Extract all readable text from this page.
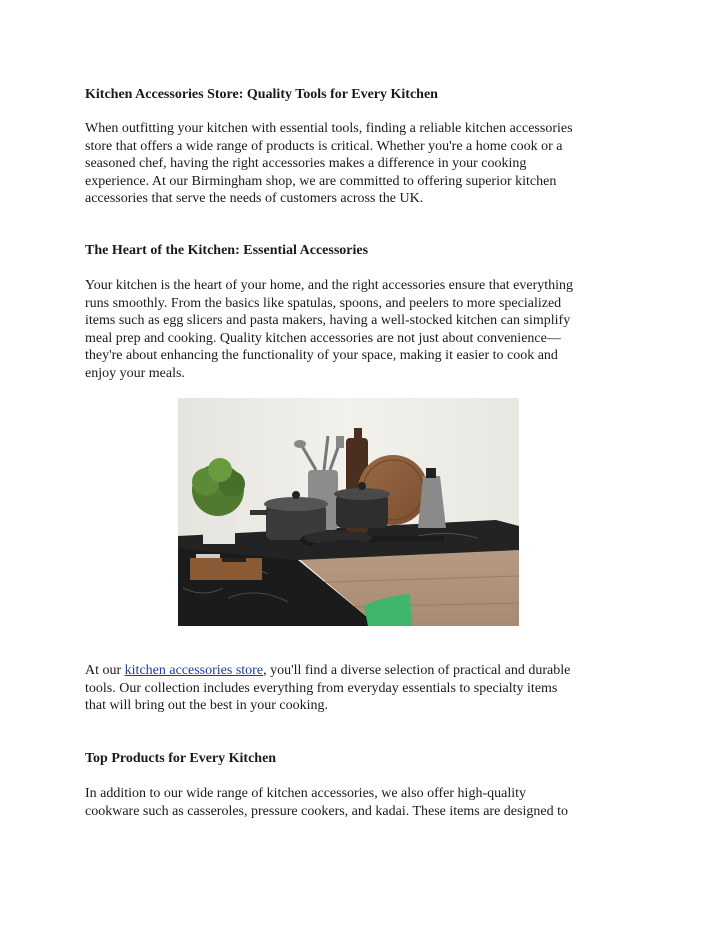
Kitchen Accessories Store: Quality Tools for Every Kitchen
When outfitting your kitchen with essential tools, finding a reliable kitchen accessories
store that offers a wide range of products is critical. Whether you're a home cook or a
seasoned chef, having the right accessories makes a difference in your cooking
experience. At our Birmingham shop, we are committed to offering superior kitchen
accessories that serve the needs of customers across the UK.
The Heart of the Kitchen: Essential Accessories
Your kitchen is the heart of your home, and the right accessories ensure that everything
runs smoothly. From the basics like spatulas, spoons, and peelers to more specialized
items such as egg slicers and pasta makers, having a well-stocked kitchen can simplify
meal prep and cooking. Quality kitchen accessories are not just about convenience—
they're about enhancing the functionality of your space, making it easier to cook and
enjoy your meals.
At our kitchen accessories store, you'll find a diverse selection of practical and durable
tools. Our collection includes everything from everyday essentials to specialty items
that will bring out the best in your cooking.
Top Products for Every Kitchen
In addition to our wide range of kitchen accessories, we also offer high-quality
cookware such as casseroles, pressure cookers, and kadai. These items are designed to
